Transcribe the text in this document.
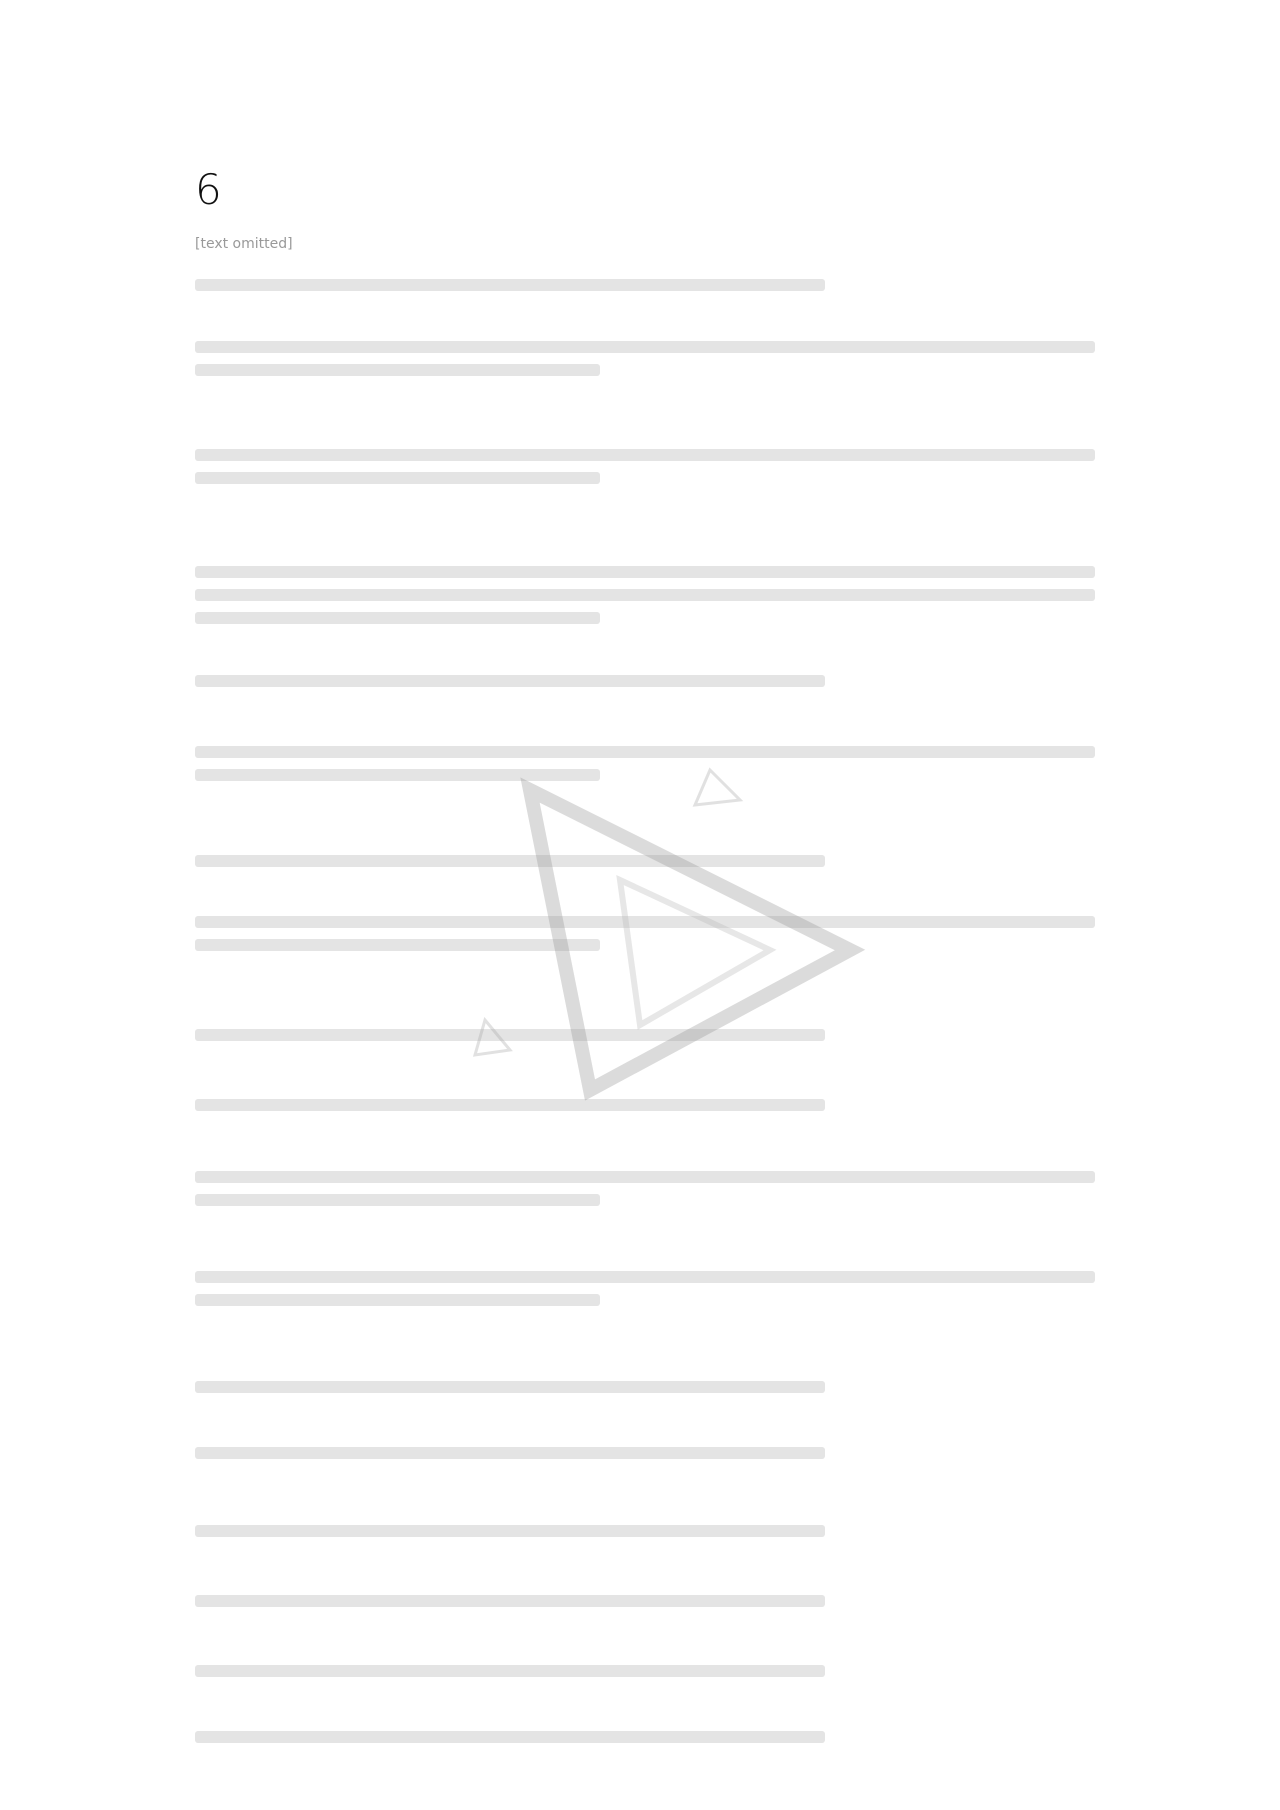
6
[text omitted]
